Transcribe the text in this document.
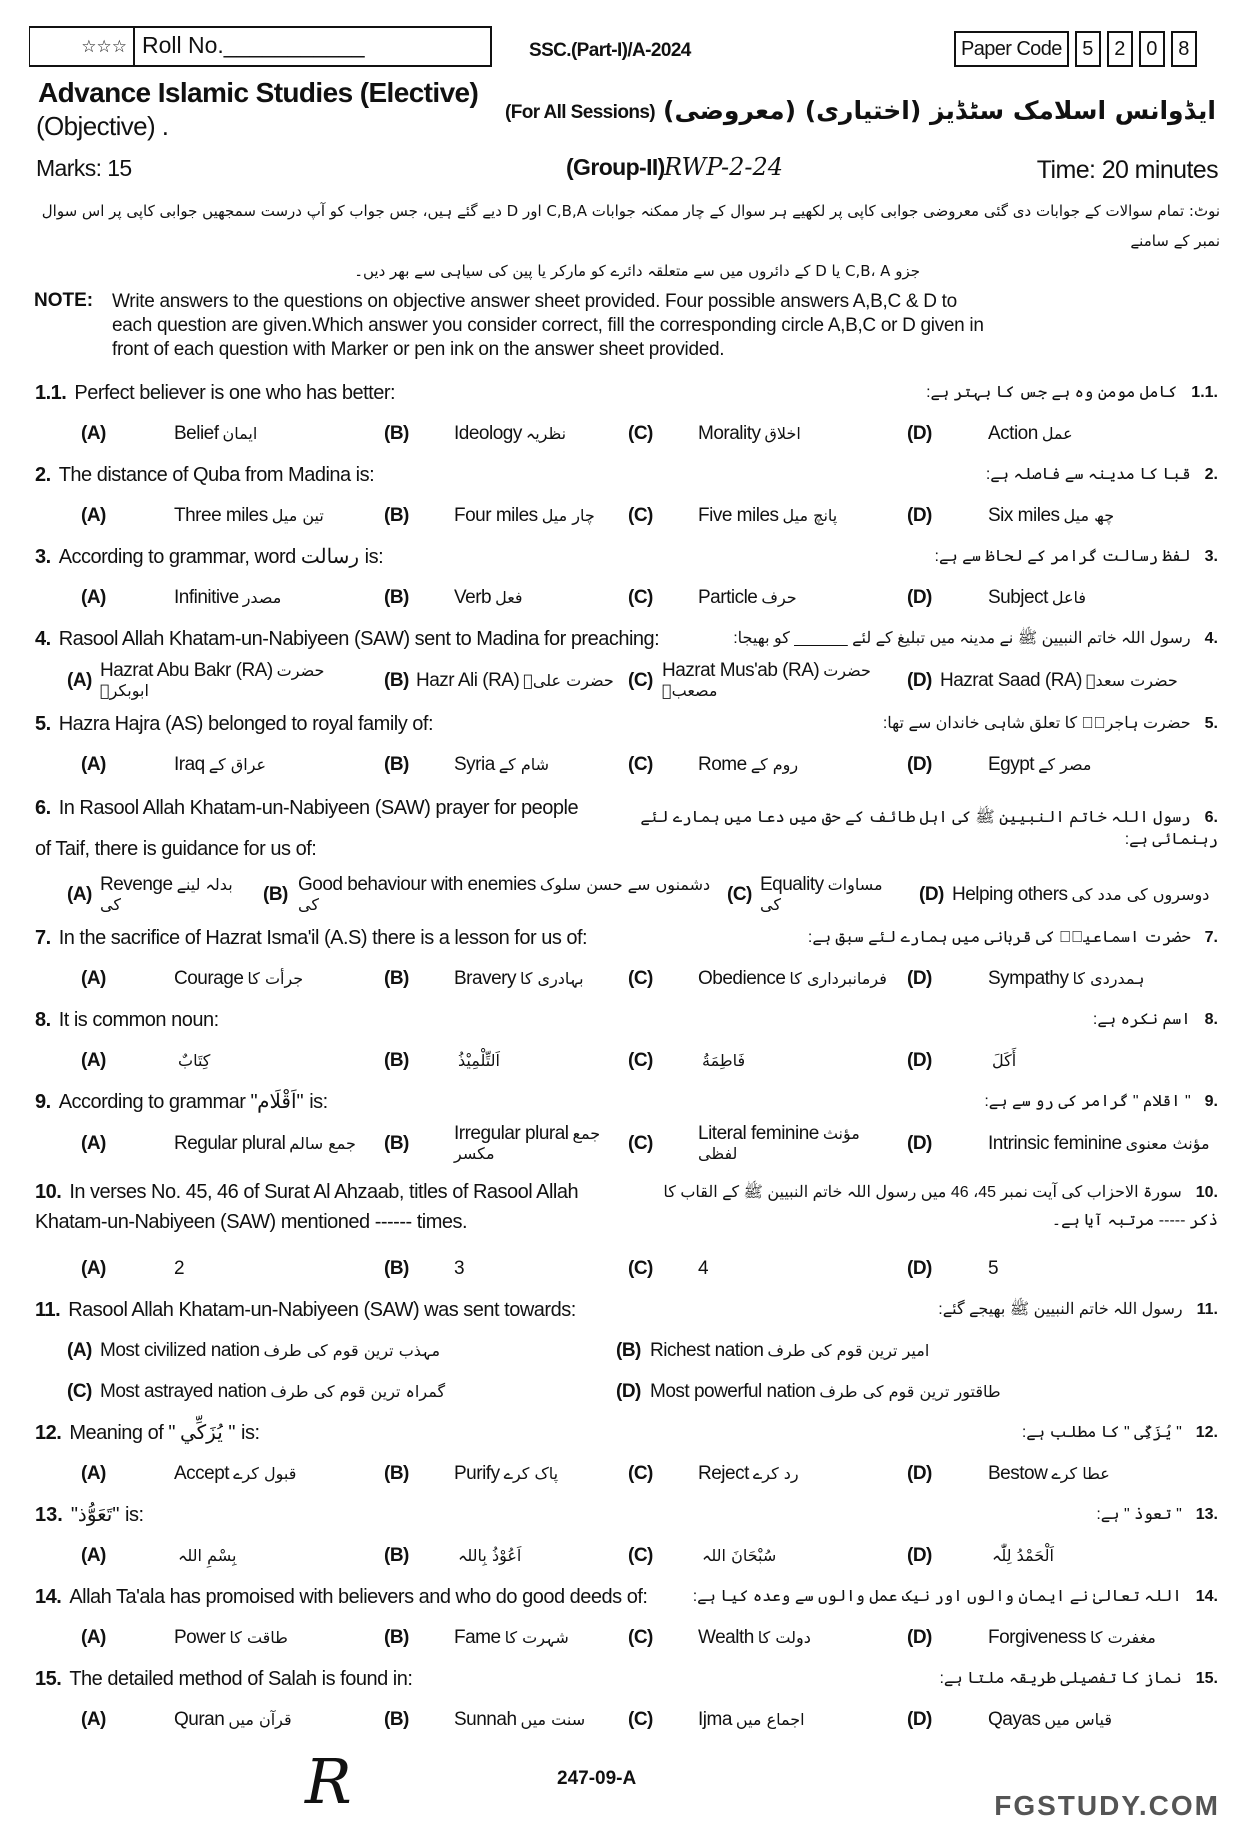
☆☆☆ Roll No.___________	SSC.(Part-I)/A-2024	Paper Code	5	2	0	8
Advance Islamic Studies (Elective)
(Objective) .	(For All Sessions) ایڈوانس اسلامک سٹڈیز (اختیاری) (معروضی)
Marks: 15	(Group-II) RWP-2-24	Time: 20 minutes
نوٹ: تمام سوالات کے جوابات دی گئی معروضی جوابی کاپی پر لکھیے ہر سوال کے چار ممکنہ جوابات C,B,A اور D دیے گئے ہیں، جس جواب کو آپ درست سمجھیں جوابی کاپی پر اس سوال نمبر کے سامنے
جزو C,B، A یا D کے دائروں میں سے متعلقہ دائرے کو مارکر یا پین کی سیاہی سے بھر دیں۔
NOTE: Write answers to the questions on objective answer sheet provided. Four possible answers A,B,C & D to
each question are given.Which answer you consider correct, fill the corresponding circle A,B,C or D given in
front of each question with Marker or pen ink on the answer sheet provided.
1.1. Perfect believer is one who has better:	.1.1کامل مومن وہ ہے جس کا بہتر ہے:
(A)	Belief ایمان	(B) Ideology نظریہ	(C) Morality اخلاق	(D)	Action عمل
2. The distance of Quba from Madina is:	.2قبا کا مدینہ سے فاصلہ ہے:
(A)	Three miles تین میل	(B) Four miles چار میل (C) Five miles پانچ میل	(D)	Six miles چھ میل
3. According to grammar, word رسالت is:	.3لفظ رسالت گرامر کے لحاظ سے ہے:
(A)	Infinitive مصدر	(B) Verb فعل	(C) Particle حرف	(D)	Subject فاعل
4. Rasool Allah Khatam-un-Nabiyeen (SAW) sent to Madina for preaching:	.4رسول اللہ خاتم النبیین ﷺ نے مدینہ میں تبلیغ کے لئے ______ کو بھیجا:
(A) Hazrat Abu Bakr (RA) حضرت ابوبکرؓ	(B) Hazr Ali (RA) حضرت علیؓ (C) Hazrat Mus'ab (RA) حضرت مصعبؓ	(D) Hazrat Saad (RA) حضرت سعدؓ
5. Hazra Hajra (AS) belonged to royal family of:	.5حضرت ہاجرہؑ کا تعلق شاہی خاندان سے تھا:
(A)	Iraq عراق کے	(B) Syria شام کے	(C) Rome روم کے	(D)	Egypt مصر کے
6. In Rasool Allah Khatam-un-Nabiyeen (SAW) prayer for people
of Taif, there is guidance for us of:
.6رسول اللہ خاتم النبیین ﷺ کی اہل طائف کے حق میں دعا میں ہمارے لئے رہنمائی ہے:
(A) Revenge بدلہ لینے کی	(B) Good behaviour with enemies دشمنوں سے حسن سلوک کی	(C) Equality مساوات کی	(D) Helping others دوسروں کی مدد کی
7. In the sacrifice of Hazrat Isma'il (A.S) there is a lesson for us of:	.7حضرت اسماعیلؑ کی قربانی میں ہمارے لئے سبق ہے:
(A)	Courage جرأت کا	(B) Bravery بہادری کا (C) Obedience فرمانبرداری کا (D)	Sympathy ہمدردی کا
8. It is common noun:	.8اسم نکرہ ہے:
(A)	كِتَابٌ	(B)	اَلتِّلْمِيْذُ	(C)	فَاطِمَةُ	(D)	أَكَلَ
9. According to grammar "اَقْلَام" is:	.9" اقلام " گرامر کی رو سے ہے:
(A)	Regular plural جمع سالم (B) Irregular plural جمع مکسر	(C) Literal feminine مؤنث لفظی	(D)	Intrinsic feminine مؤنث معنوی
10. In verses No. 45, 46 of Surat Al Ahzaab, titles of Rasool Allah
Khatam-un-Nabiyeen (SAW) mentioned ------ times.
.10سورۃ الاحزاب کی آیت نمبر 45، 46 میں رسول اللہ خاتم النبیین ﷺ کے القاب کا
ذکر ----- مرتبہ آیا ہے۔
(A)	2	(B) 3	(C) 4	(D)	5
11. Rasool Allah Khatam-un-Nabiyeen (SAW) was sent towards:	.11رسول اللہ خاتم النبیین ﷺ بھیجے گئے:
(A) Most civilized nation مہذب ترین قوم کی طرف	(B) Richest nation امیر ترین قوم کی طرف
(C) Most astrayed nation گمراہ ترین قوم کی طرف	(D) Most powerful nation طاقتور ترین قوم کی طرف
12. Meaning of " يُزَكِّي " is:	.12" یُزَکِّی " کا مطلب ہے:
(A)	Accept قبول کرے	(B) Purify پاک کرے	(C) Reject رد کرے	(D)	Bestow عطا کرے
13. "تَعَوُّذ" is:	.13" تعوذ " ہے:
(A)	بِسْمِ اللہ	(B)	اَعُوْذُ بِاللہ	(C)	سُبْحَانَ اللہ	(D)	اَلْحَمْدُ لِلّٰہ
14. Allah Ta'ala has promoised with believers and who do good deeds of:	.14اللہ تعالیٰ نے ایمان والوں اور نیک عمل والوں سے وعدہ کیا ہے:
(A)	Power طاقت کا	(B) Fame شہرت کا	(C) Wealth دولت کا	(D)	Forgiveness مغفرت کا
15. The detailed method of Salah is found in:	.15نماز کا تفصیلی طریقہ ملتا ہے:
(A)	Quran قرآن میں	(B) Sunnah سنت میں (C) Ijma اجماع میں	(D)	Qayas قیاس میں
R	247-09-A
FGSTUDY.COM
